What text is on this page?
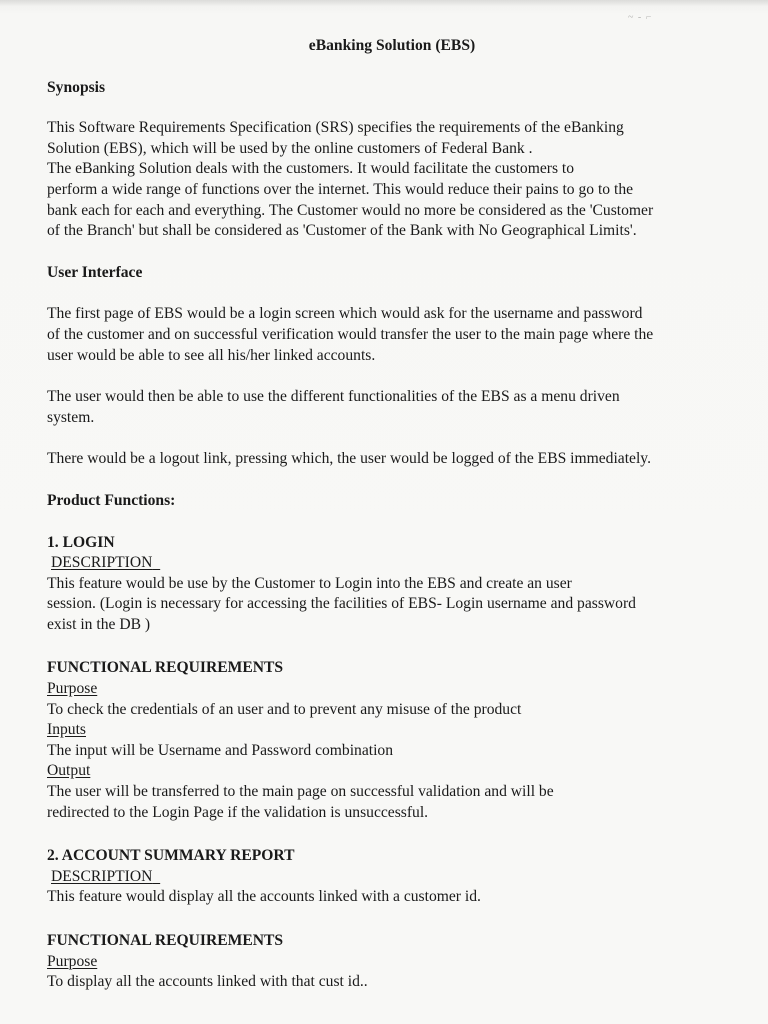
~ - ⌐
eBanking Solution (EBS)
Synopsis

This Software Requirements Specification (SRS) specifies the requirements of the eBanking
Solution (EBS), which will be used by the online customers of Federal Bank .
The eBanking Solution deals with the customers. It would facilitate the customers to
perform a wide range of functions over the internet. This would reduce their pains to go to the
bank each for each and everything. The Customer would no more be considered as the 'Customer
of the Branch' but shall be considered as 'Customer of the Bank with No Geographical Limits'.

User Interface

The first page of EBS would be a login screen which would ask for the username and password
of the customer and on successful verification would transfer the user to the main page where the
user would be able to see all his/her linked accounts.

The user would then be able to use the different functionalities of the EBS as a menu driven
system.

There would be a logout link, pressing which, the user would be logged of the EBS immediately.

Product Functions:
1. LOGIN
DESCRIPTION

This feature would be use by the Customer to Login into the EBS and create an user
session. (Login is necessary for accessing the facilities of EBS- Login username and password
exist in the DB )

FUNCTIONAL REQUIREMENTS
Purpose
To check the credentials of an user and to prevent any misuse of the product
Inputs
The input will be Username and Password combination
Output
The user will be transferred to the main page on successful validation and will be
redirected to the Login Page if the validation is unsuccessful.
2. ACCOUNT SUMMARY REPORT
DESCRIPTION
This feature would display all the accounts linked with a customer id.
FUNCTIONAL REQUIREMENTS
Purpose
To display all the accounts linked with that cust id..
